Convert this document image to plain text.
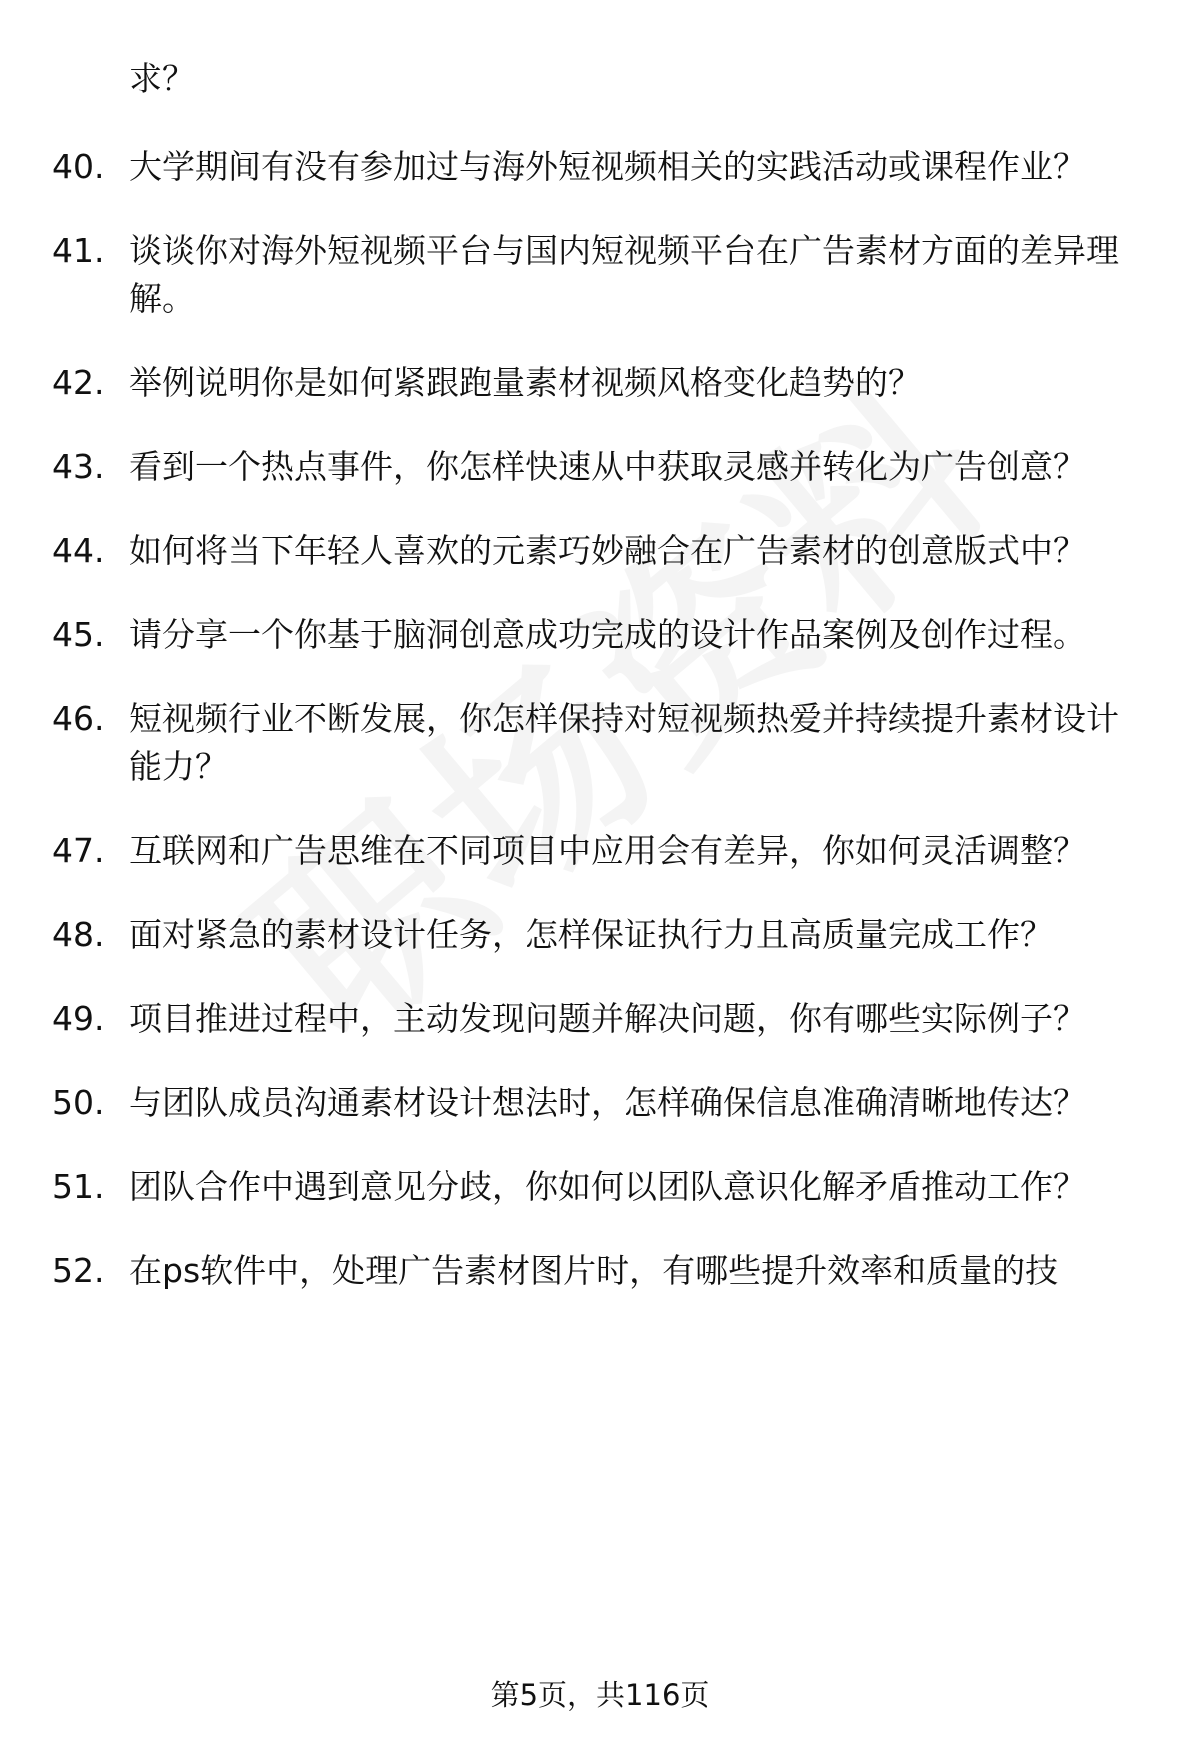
求？
40. 大学期间有没有参加过与海外短视频相关的实践活动或课程作业？
41. 谈谈你对海外短视频平台与国内短视频平台在广告素材方面的差异理解。
42. 举例说明你是如何紧跟跑量素材视频风格变化趋势的？
43. 看到一个热点事件，你怎样快速从中获取灵感并转化为广告创意？
44. 如何将当下年轻人喜欢的元素巧妙融合在广告素材的创意版式中？
45. 请分享一个你基于脑洞创意成功完成的设计作品案例及创作过程。
46. 短视频行业不断发展，你怎样保持对短视频热爱并持续提升素材设计能力？
47. 互联网和广告思维在不同项目中应用会有差异，你如何灵活调整？
48. 面对紧急的素材设计任务，怎样保证执行力且高质量完成工作？
49. 项目推进过程中，主动发现问题并解决问题，你有哪些实际例子？
50. 与团队成员沟通素材设计想法时，怎样确保信息准确清晰地传达？
51. 团队合作中遇到意见分歧，你如何以团队意识化解矛盾推动工作？
52. 在ps软件中，处理广告素材图片时，有哪些提升效率和质量的技
第5页，共116页
